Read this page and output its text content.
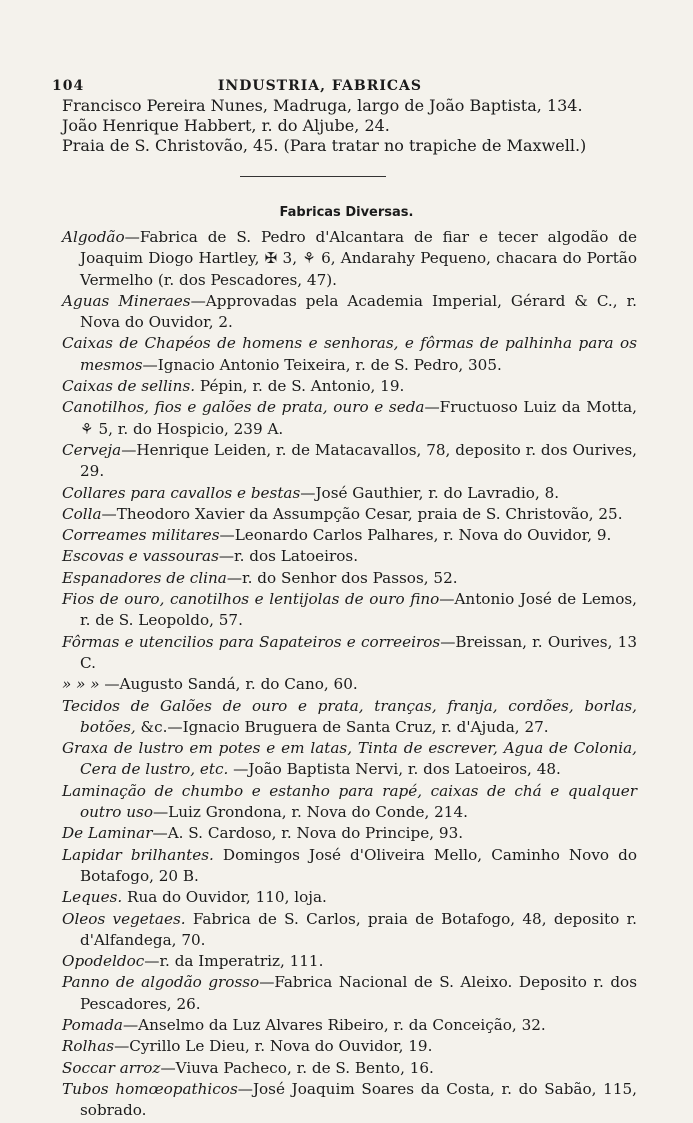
104	INDUSTRIA, FABRICAS

Francisco Pereira Nunes, Madruga, largo de João Baptista, 134.

João Henrique Habbert, r. do Aljube, 24.

Praia de S. Christovão, 45. (Para tratar no trapiche de Maxwell.)

Fabricas Diversas.

Algodão—Fabrica de S. Pedro d'Alcantara de fiar e tecer algodão de Joaquim Diogo Hartley, ✠ 3, ⚘ 6, Andarahy Pequeno, chacara do Portão Vermelho (r. dos Pescadores, 47).

Aguas Mineraes—Approvadas pela Academia Imperial, Gérard & C., r. Nova do Ouvidor, 2.

Caixas de Chapéos de homens e senhoras, e fôrmas de palhinha para os mesmos—Ignacio Antonio Teixeira, r. de S. Pedro, 305.

Caixas de sellins. Pépin, r. de S. Antonio, 19.

Canotilhos, fios e galões de prata, ouro e seda—Fructuoso Luiz da Motta, ⚘ 5, r. do Hospicio, 239 A.

Cerveja—Henrique Leiden, r. de Matacavallos, 78, deposito r. dos Ourives, 29.

Collares para cavallos e bestas—José Gauthier, r. do Lavradio, 8.

Colla—Theodoro Xavier da Assumpção Cesar, praia de S. Christovão, 25.

Correames militares—Leonardo Carlos Palhares, r. Nova do Ouvidor, 9.

Escovas e vassouras—r. dos Latoeiros.

Espanadores de clina—r. do Senhor dos Passos, 52.

Fios de ouro, canotilhos e lentijolas de ouro fino—Antonio José de Lemos, r. de S. Leopoldo, 57.

Fôrmas e utencilios para Sapateiros e correeiros—Breissan, r. Ourives, 13 C.

» » » —Augusto Sandá, r. do Cano, 60.

Tecidos de Galões de ouro e prata, tranças, franja, cordões, borlas, botões, &c.—Ignacio Bruguera de Santa Cruz, r. d'Ajuda, 27.

Graxa de lustro em potes e em latas, Tinta de escrever, Agua de Colonia, Cera de lustro, etc. —João Baptista Nervi, r. dos Latoeiros, 48.

Laminação de chumbo e estanho para rapé, caixas de chá e qualquer outro uso—Luiz Grondona, r. Nova do Conde, 214.

De Laminar—A. S. Cardoso, r. Nova do Principe, 93.

Lapidar brilhantes. Domingos José d'Oliveira Mello, Caminho Novo do Botafogo, 20 B.

Leques. Rua do Ouvidor, 110, loja.

Oleos vegetaes. Fabrica de S. Carlos, praia de Botafogo, 48, deposito r. d'Alfandega, 70.

Opodeldoc—r. da Imperatriz, 111.

Panno de algodão grosso—Fabrica Nacional de S. Aleixo. Deposito r. dos Pescadores, 26.

Pomada—Anselmo da Luz Alvares Ribeiro, r. da Conceição, 32.

Rolhas—Cyrillo Le Dieu, r. Nova do Ouvidor, 19.

Soccar arroz—Viuva Pacheco, r. de S. Bento, 16.

Tubos homœopathicos—José Joaquim Soares da Costa, r. do Sabão, 115, sobrado.
